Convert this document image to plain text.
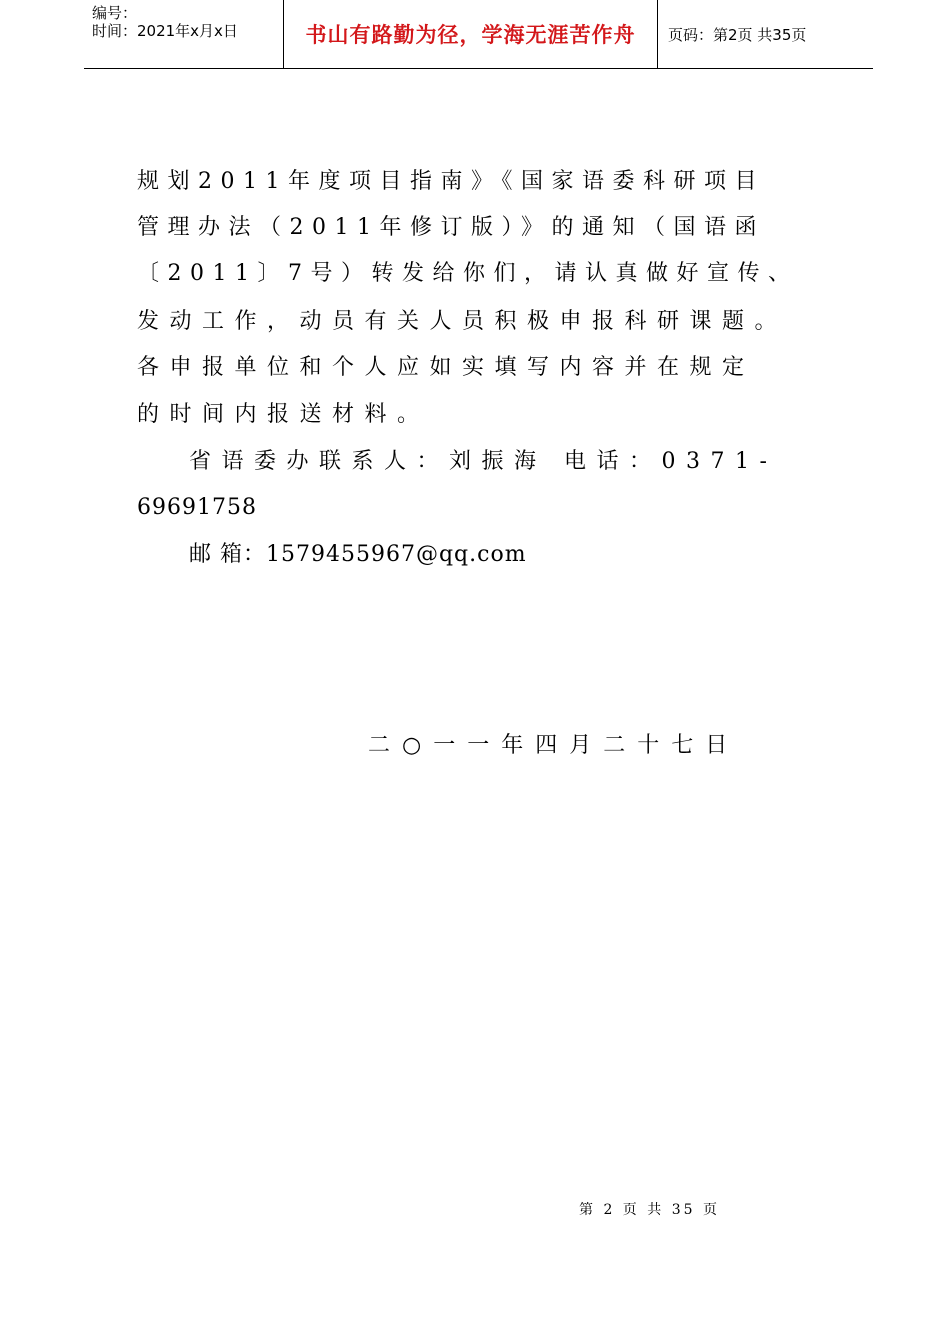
编号：
时间：2021年x月x日	书山有路勤为径，学海无涯苦作舟	页码：第2页 共35页
规划2011年度项目指南》《国家语委科研项目
管理办法（2011年修订版）》的通知（国语函
〔2011〕7号）转发给你们，请认真做好宣传、
发动工作，动员有关人员积极申报科研课题。
各申报单位和个人应如实填写内容并在规定
的时间内报送材料。
省语委办联系人：刘振海 电话：0371-
69691758
邮 箱：1579455967@qq.com
二○一一年四月二十七日
第 2 页 共 35 页
